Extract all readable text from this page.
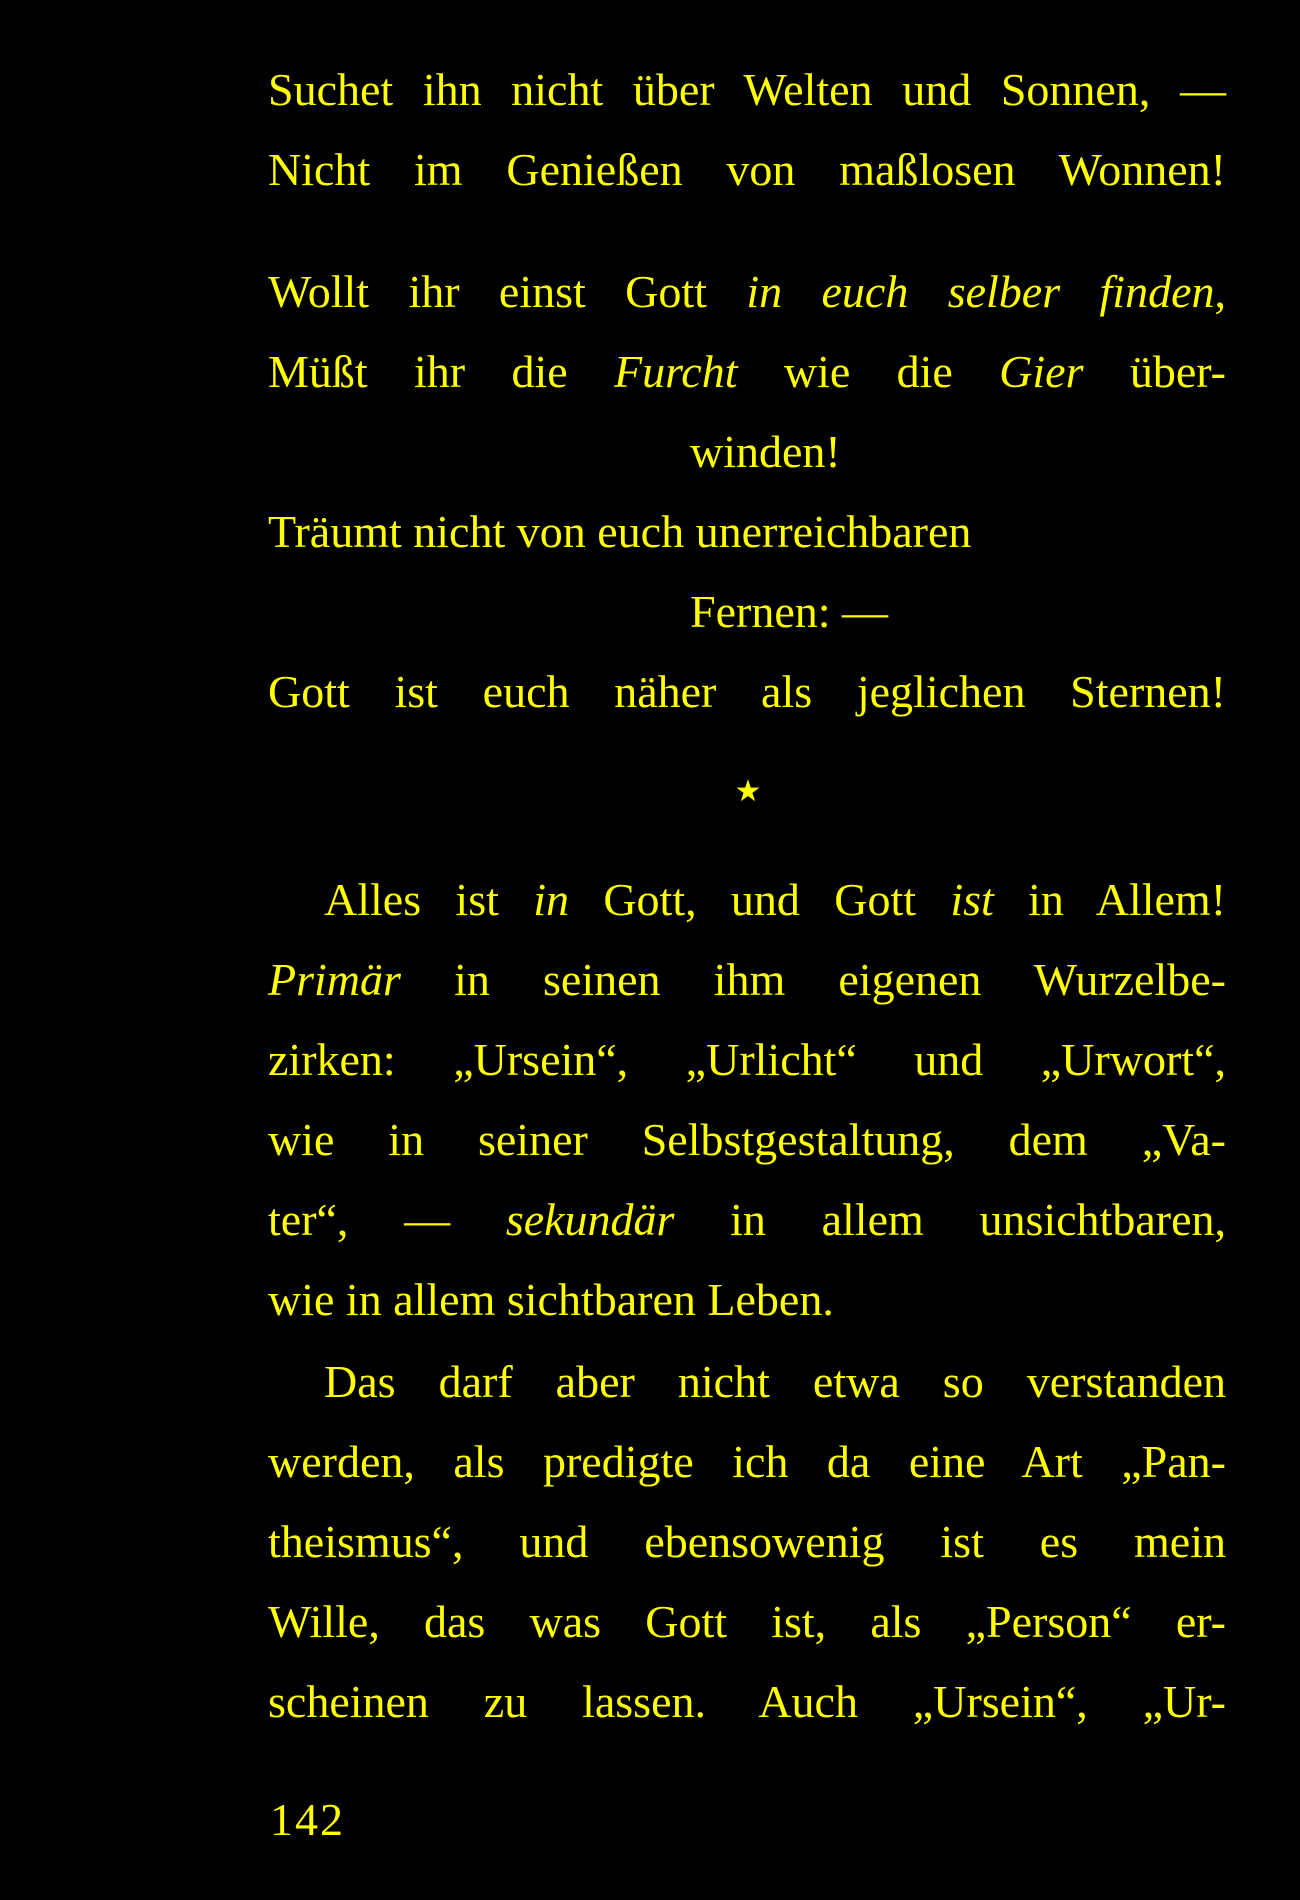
Suchet ihn nicht über Welten und Sonnen, —
Nicht im Genießen von maßlosen Wonnen!
Wollt ihr einst Gott in euch selber finden,
Müßt ihr die Furcht wie die Gier über-
winden!
Träumt nicht von euch unerreichbaren
Fernen: —
Gott ist euch näher als jeglichen Sternen!
★
Alles ist in Gott, und Gott ist in Allem!
Primär in seinen ihm eigenen Wurzelbe-
zirken: „Ursein“, „Urlicht“ und „Urwort“,
wie in seiner Selbstgestaltung, dem „Va-
ter“, — sekundär in allem unsichtbaren,
wie in allem sichtbaren Leben.
Das darf aber nicht etwa so verstanden
werden, als predigte ich da eine Art „Pan-
theismus“, und ebensowenig ist es mein
Wille, das was Gott ist, als „Person“ er-
scheinen zu lassen. Auch „Ursein“, „Ur-
142
